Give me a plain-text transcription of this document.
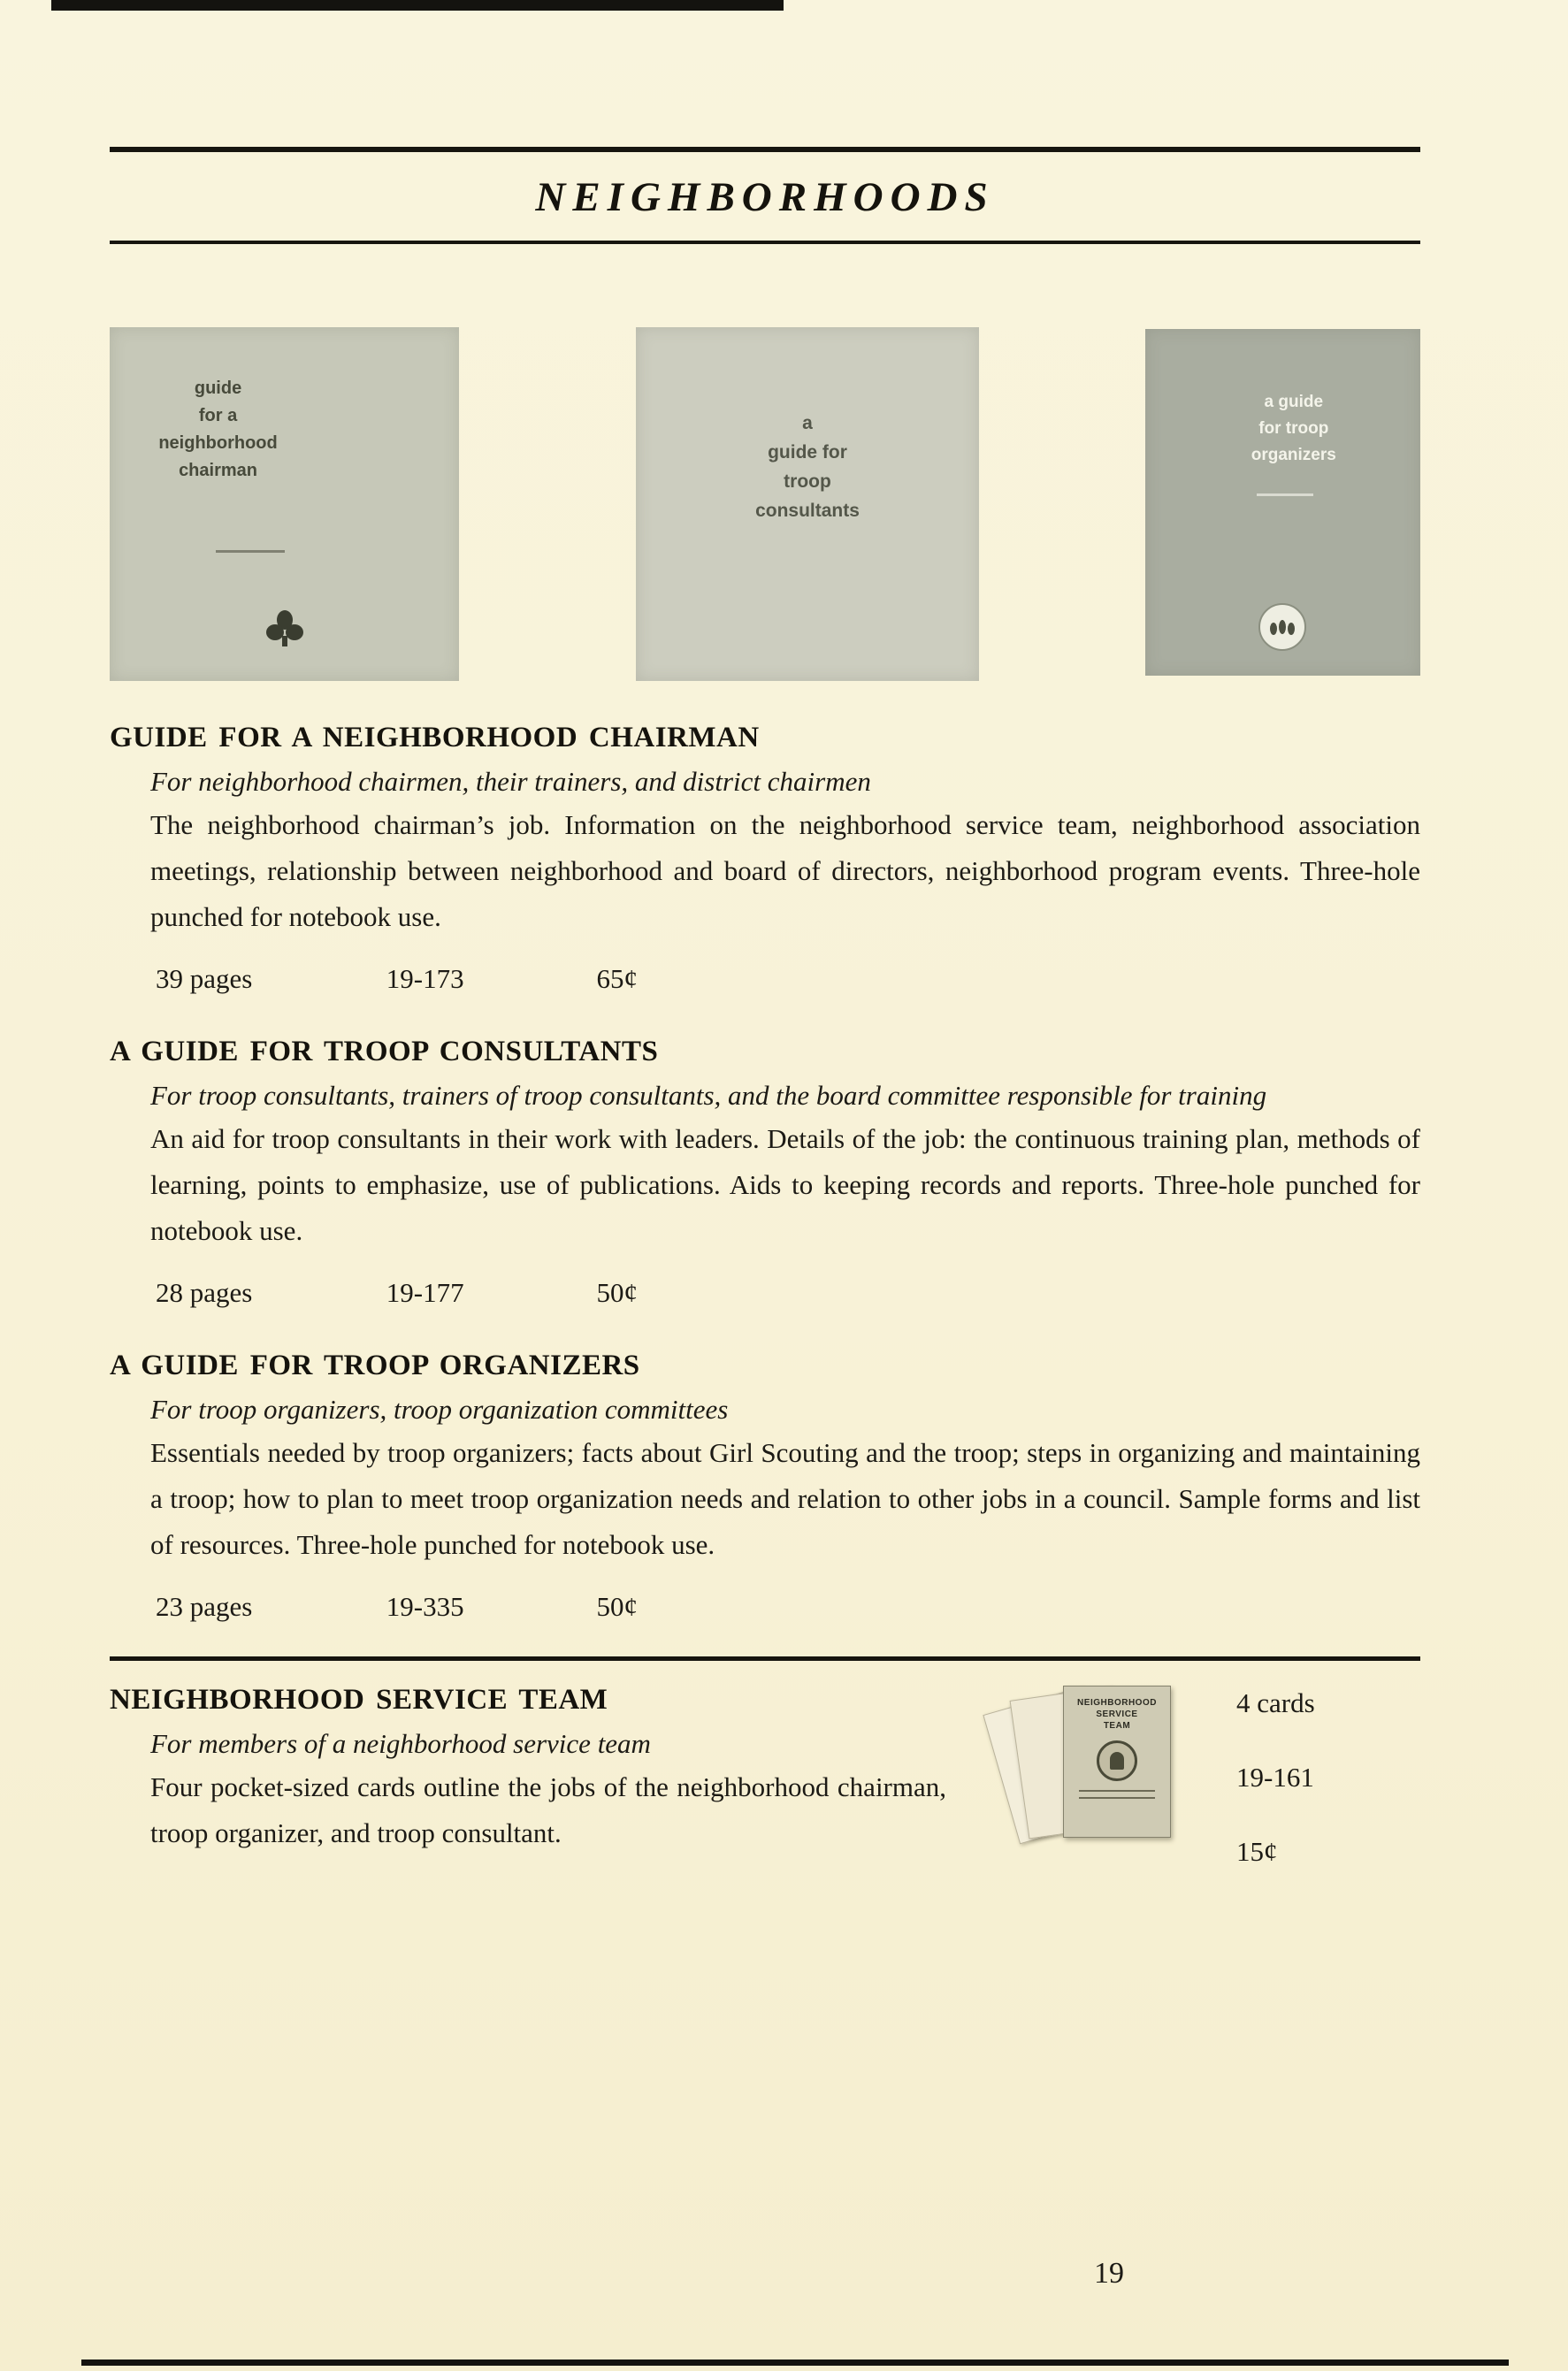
NEIGHBORHOODS
guide
for a
neighborhood
chairman
a
guide for
troop
consultants
a guide
for troop
organizers
GUIDE FOR A NEIGHBORHOOD CHAIRMAN

For neighborhood chairmen, their trainers, and district chairmen

The neighborhood chairman’s job. Information on the neighborhood service team, neighborhood association meetings, relationship between neighborhood and board of directors, neighborhood program events. Three-hole punched for notebook use.

39 pages	19-173	65¢
A GUIDE FOR TROOP CONSULTANTS

For troop consultants, trainers of troop consultants, and the board committee responsible for training

An aid for troop consultants in their work with leaders. Details of the job: the continuous training plan, methods of learning, points to emphasize, use of publications. Aids to keeping records and reports. Three-hole punched for notebook use.

28 pages	19-177	50¢
A GUIDE FOR TROOP ORGANIZERS

For troop organizers, troop organization committees

Essentials needed by troop organizers; facts about Girl Scouting and the troop; steps in organizing and maintaining a troop; how to plan to meet troop organization needs and relation to other jobs in a council. Sample forms and list of resources. Three-hole punched for notebook use.

23 pages	19-335	50¢
NEIGHBORHOOD SERVICE TEAM

For members of a neighborhood service team

Four pocket-sized cards outline the jobs of the neighborhood chairman, troop organizer, and troop consultant.

NEIGHBORHOOD
SERVICE
TEAM
4 cards
19-161
15¢
19
